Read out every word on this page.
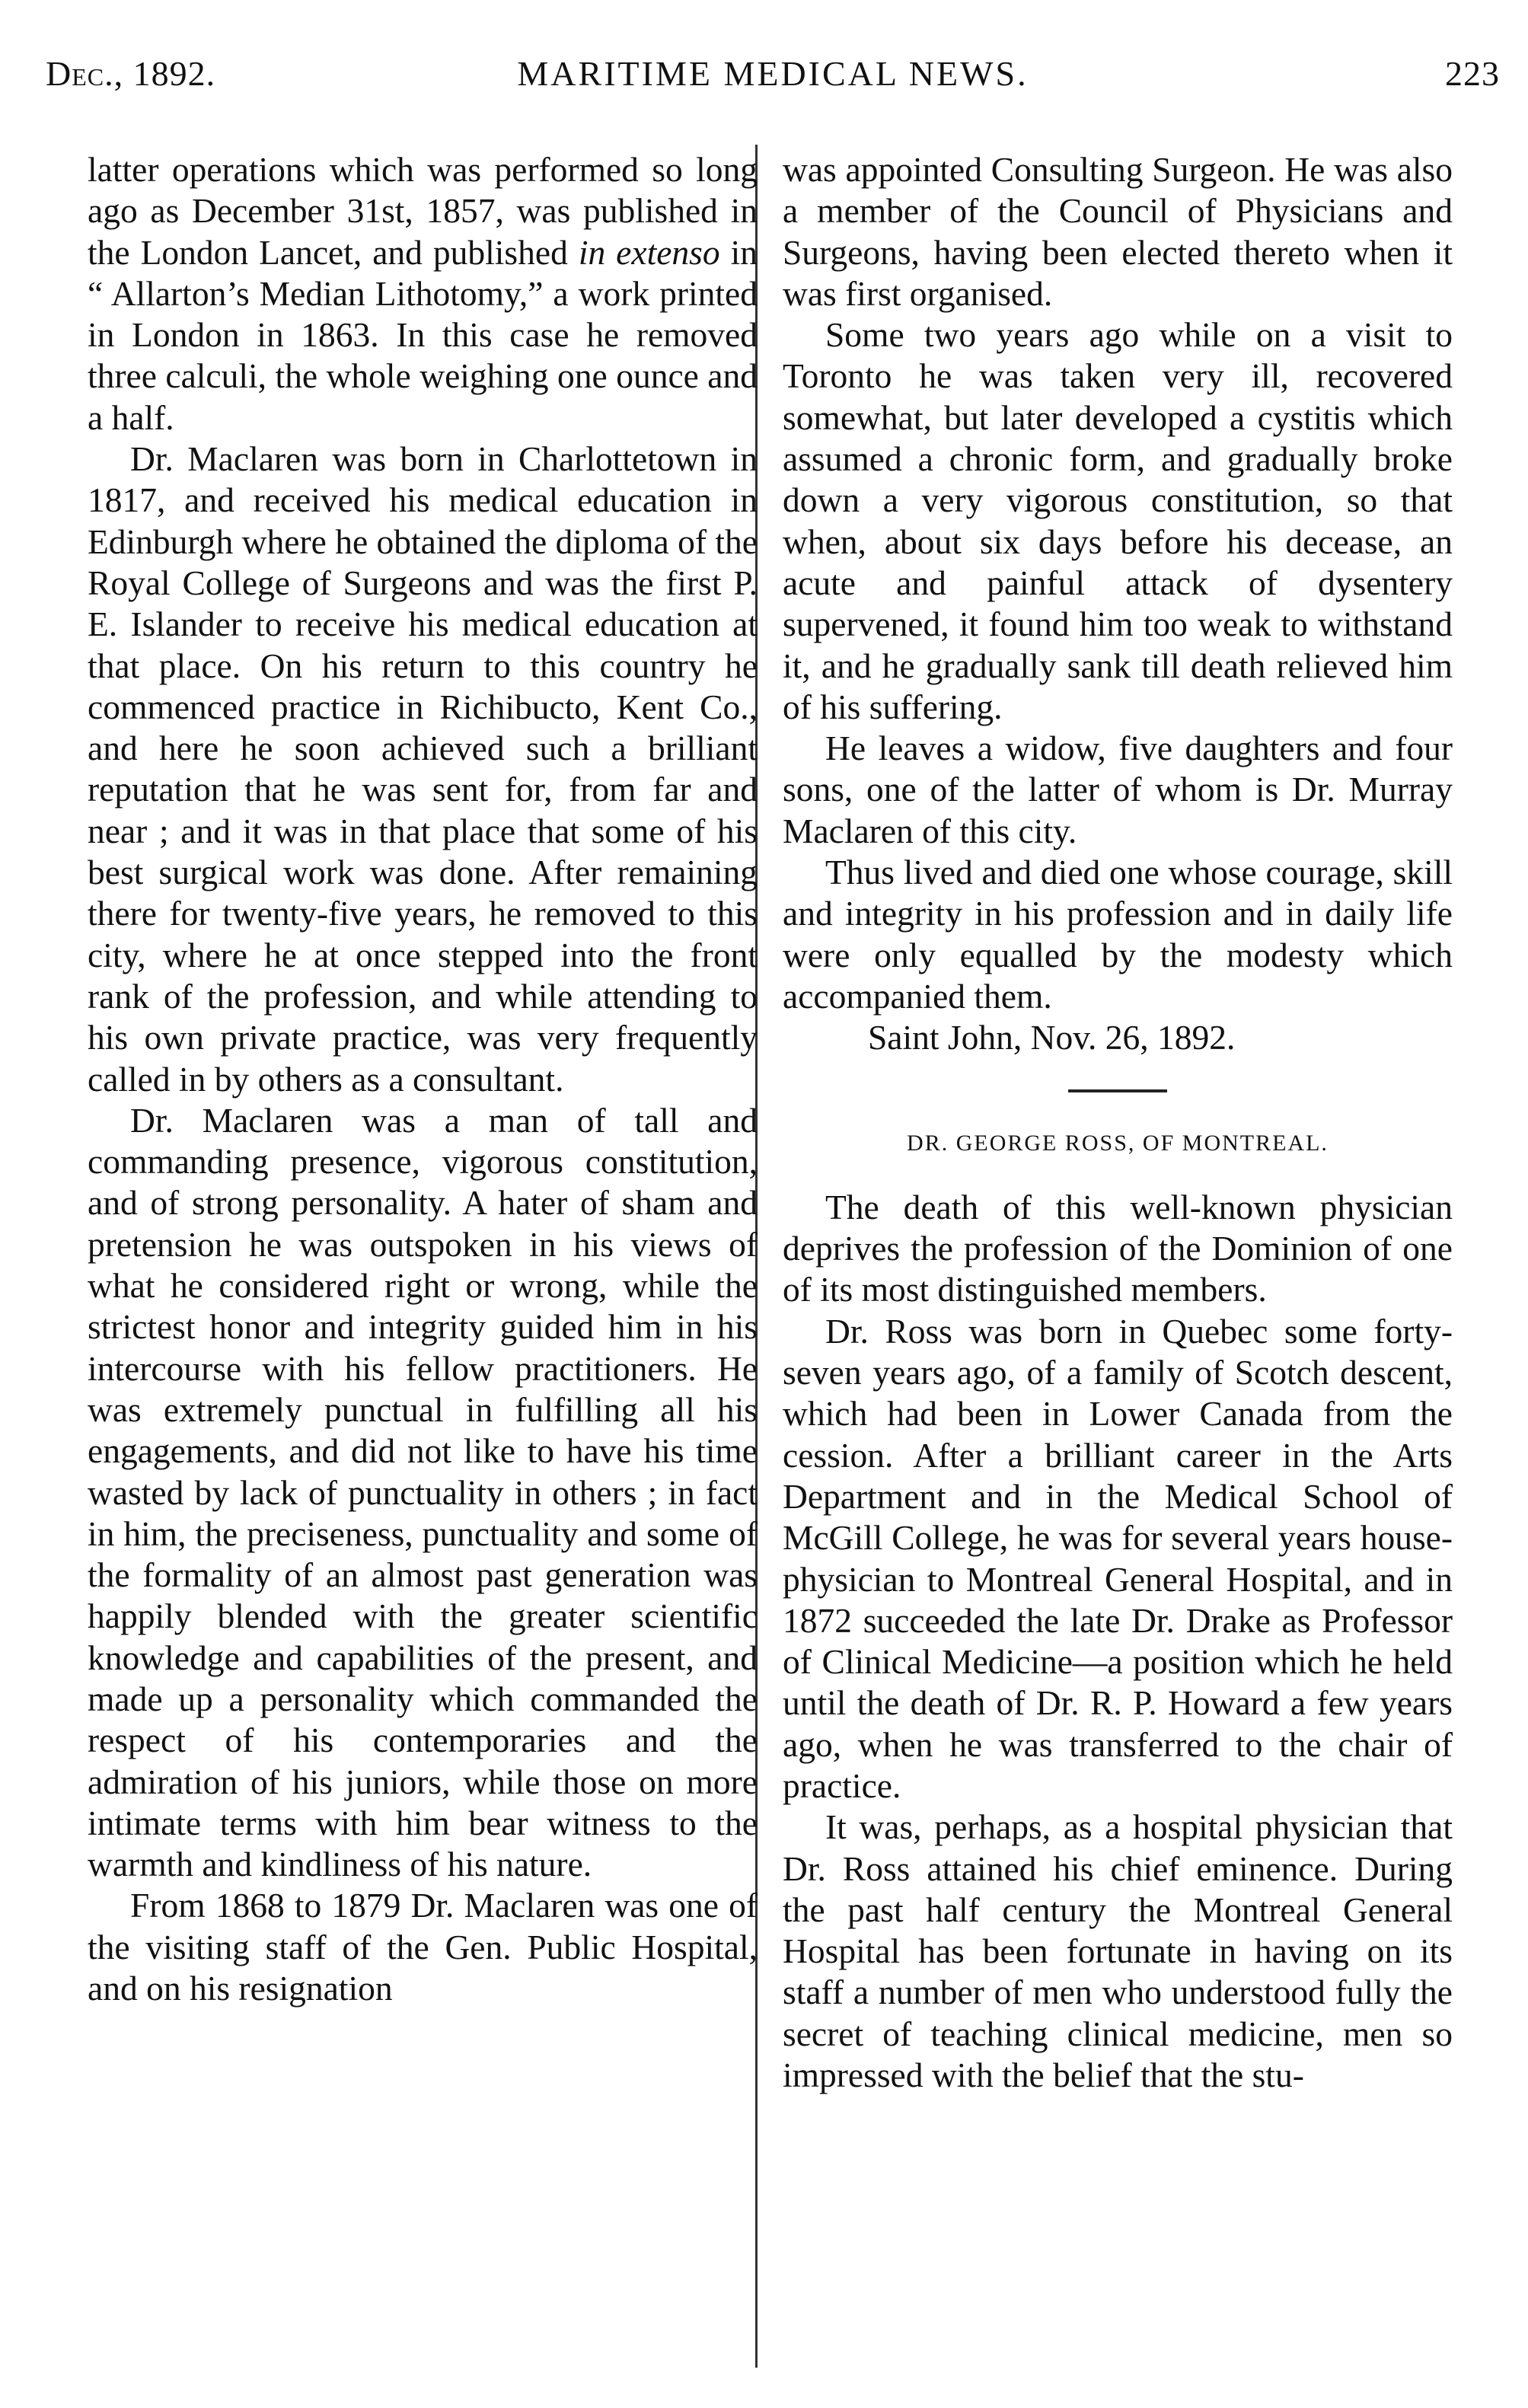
Dec., 1892.	MARITIME MEDICAL NEWS.	223

latter operations which was performed so long ago as December 31st, 1857, was published in the London Lancet, and published in extenso in “ Allarton’s Median Lithotomy,” a work printed in London in 1863. In this case he removed three calculi, the whole weighing one ounce and a half.

Dr. Maclaren was born in Charlottetown in 1817, and received his medical education in Edinburgh where he obtained the diploma of the Royal College of Surgeons and was the first P. E. Islander to receive his medical education at that place. On his return to this country he commenced practice in Richibucto, Kent Co., and here he soon achieved such a brilliant reputation that he was sent for, from far and near ; and it was in that place that some of his best surgical work was done. After remaining there for twenty-five years, he removed to this city, where he at once stepped into the front rank of the profession, and while attending to his own private practice, was very frequently called in by others as a consultant.

Dr. Maclaren was a man of tall and commanding presence, vigorous constitution, and of strong personality. A hater of sham and pretension he was outspoken in his views of what he considered right or wrong, while the strictest honor and integrity guided him in his intercourse with his fellow practitioners. He was extremely punctual in fulfilling all his engagements, and did not like to have his time wasted by lack of punctuality in others ; in fact in him, the preciseness, punctuality and some of the formality of an almost past generation was happily blended with the greater scientific knowledge and capabilities of the present, and made up a personality which commanded the respect of his contemporaries and the admiration of his juniors, while those on more intimate terms with him bear witness to the warmth and kindliness of his nature.

From 1868 to 1879 Dr. Maclaren was one of the visiting staff of the Gen. Public Hospital, and on his resignation

was appointed Consulting Surgeon. He was also a member of the Council of Physicians and Surgeons, having been elected thereto when it was first organised.

Some two years ago while on a visit to Toronto he was taken very ill, recovered somewhat, but later developed a cystitis which assumed a chronic form, and gradually broke down a very vigorous constitution, so that when, about six days before his decease, an acute and painful attack of dysentery supervened, it found him too weak to withstand it, and he gradually sank till death relieved him of his suffering.

He leaves a widow, five daughters and four sons, one of the latter of whom is Dr. Murray Maclaren of this city.

Thus lived and died one whose courage, skill and integrity in his profession and in daily life were only equalled by the modesty which accompanied them.

Saint John, Nov. 26, 1892.

DR. GEORGE ROSS, OF MONTREAL.

The death of this well-known physician deprives the profession of the Dominion of one of its most distinguished members.

Dr. Ross was born in Quebec some forty-seven years ago, of a family of Scotch descent, which had been in Lower Canada from the cession. After a brilliant career in the Arts Department and in the Medical School of McGill College, he was for several years house-physician to Montreal General Hospital, and in 1872 succeeded the late Dr. Drake as Professor of Clinical Medicine—a position which he held until the death of Dr. R. P. Howard a few years ago, when he was transferred to the chair of practice.

It was, perhaps, as a hospital physician that Dr. Ross attained his chief eminence. During the past half century the Montreal General Hospital has been fortunate in having on its staff a number of men who understood fully the secret of teaching clinical medicine, men so impressed with the belief that the stu-
